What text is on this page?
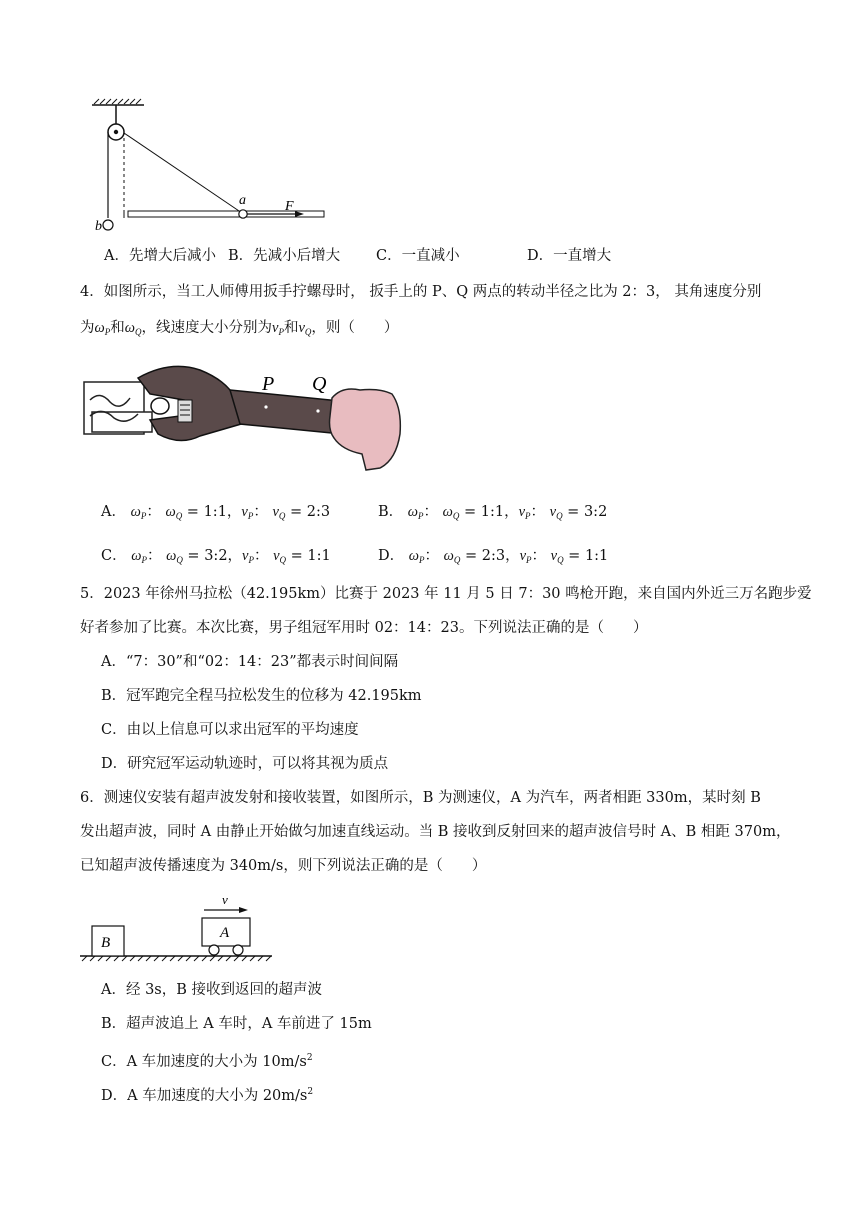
a
b
F
A．先增大后减小 B．先减小后增大 C．一直减小	D．一直增大
4．如图所示，当工人师傅用扳手拧螺母时， 扳手上的 P、Q 两点的转动半径之比为 2：3， 其角速度分别
为$\omega_P$和$\omega_Q$，线速度大小分别为$v_P$和$v_Q$，则（　　）
P Q
A． $\omega_P$： $\omega_Q$ = 1:1，$v_P$： $v_Q$ = 2:3	B． $\omega_P$： $\omega_Q$ = 1:1，$v_P$： $v_Q$ = 3:2
C． $\omega_P$： $\omega_Q$ = 3:2，$v_P$： $v_Q$ = 1:1	D． $\omega_P$： $\omega_Q$ = 2:3，$v_P$： $v_Q$ = 1:1
5．2023 年徐州马拉松（42.195km）比赛于 2023 年 11 月 5 日 7：30 鸣枪开跑，来自国内外近三万名跑步爱
好者参加了比赛。本次比赛，男子组冠军用时 02：14：23。下列说法正确的是（　　）
A．“7：30”和“02：14：23”都表示时间间隔
B．冠军跑完全程马拉松发生的位移为 42.195km
C．由以上信息可以求出冠军的平均速度
D．研究冠军运动轨迹时，可以将其视为质点
6．测速仪安装有超声波发射和接收装置，如图所示，B 为测速仪，A 为汽车，两者相距 330m，某时刻 B
发出超声波，同时 A 由静止开始做匀加速直线运动。当 B 接收到反射回来的超声波信号时 A、B 相距 370m，
已知超声波传播速度为 340m/s，则下列说法正确的是（　　）
B
A
v
A．经 3s，B 接收到返回的超声波
B．超声波追上 A 车时，A 车前进了 15m
C．A 车加速度的大小为 $10m/s^2$
D．A 车加速度的大小为 $20m/s^2$
